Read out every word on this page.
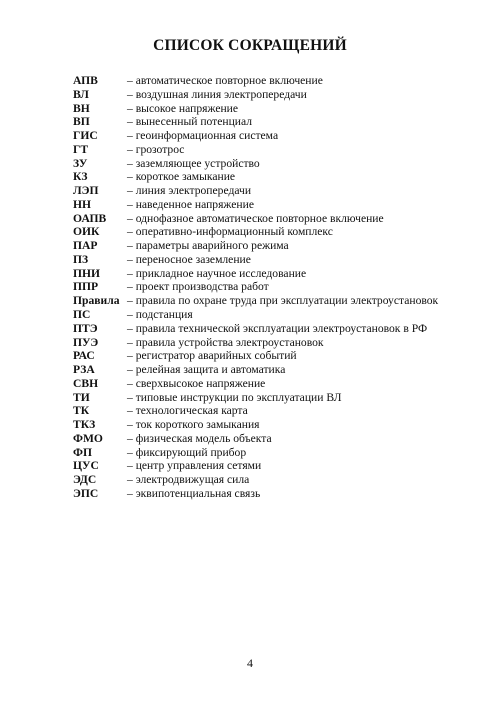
СПИСОК СОКРАЩЕНИЙ
АПВ	– автоматическое повторное включение
ВЛ	– воздушная линия электропередачи
ВН	– высокое напряжение
ВП	– вынесенный потенциал
ГИС	– геоинформационная система
ГТ	– грозотрос
ЗУ	– заземляющее устройство
КЗ	– короткое замыкание
ЛЭП	– линия электропередачи
НН	– наведенное напряжение
ОАПВ	– однофазное автоматическое повторное включение
ОИК	– оперативно-информационный комплекс
ПАР	– параметры аварийного режима
ПЗ	– переносное заземление
ПНИ	– прикладное научное исследование
ППР	– проект производства работ
Правила – правила по охране труда при эксплуатации электроустановок
ПС	– подстанция
ПТЭ	– правила технической эксплуатации электроустановок в РФ
ПУЭ	– правила устройства электроустановок
РАС	– регистратор аварийных событий
РЗА	– релейная защита и автоматика
СВН	– сверхвысокое напряжение
ТИ	– типовые инструкции по эксплуатации ВЛ
ТК	– технологическая карта
ТКЗ	– ток короткого замыкания
ФМО	– физическая модель объекта
ФП	– фиксирующий прибор
ЦУС	– центр управления сетями
ЭДС	– электродвижущая сила
ЭПС	– эквипотенциальная связь
4
